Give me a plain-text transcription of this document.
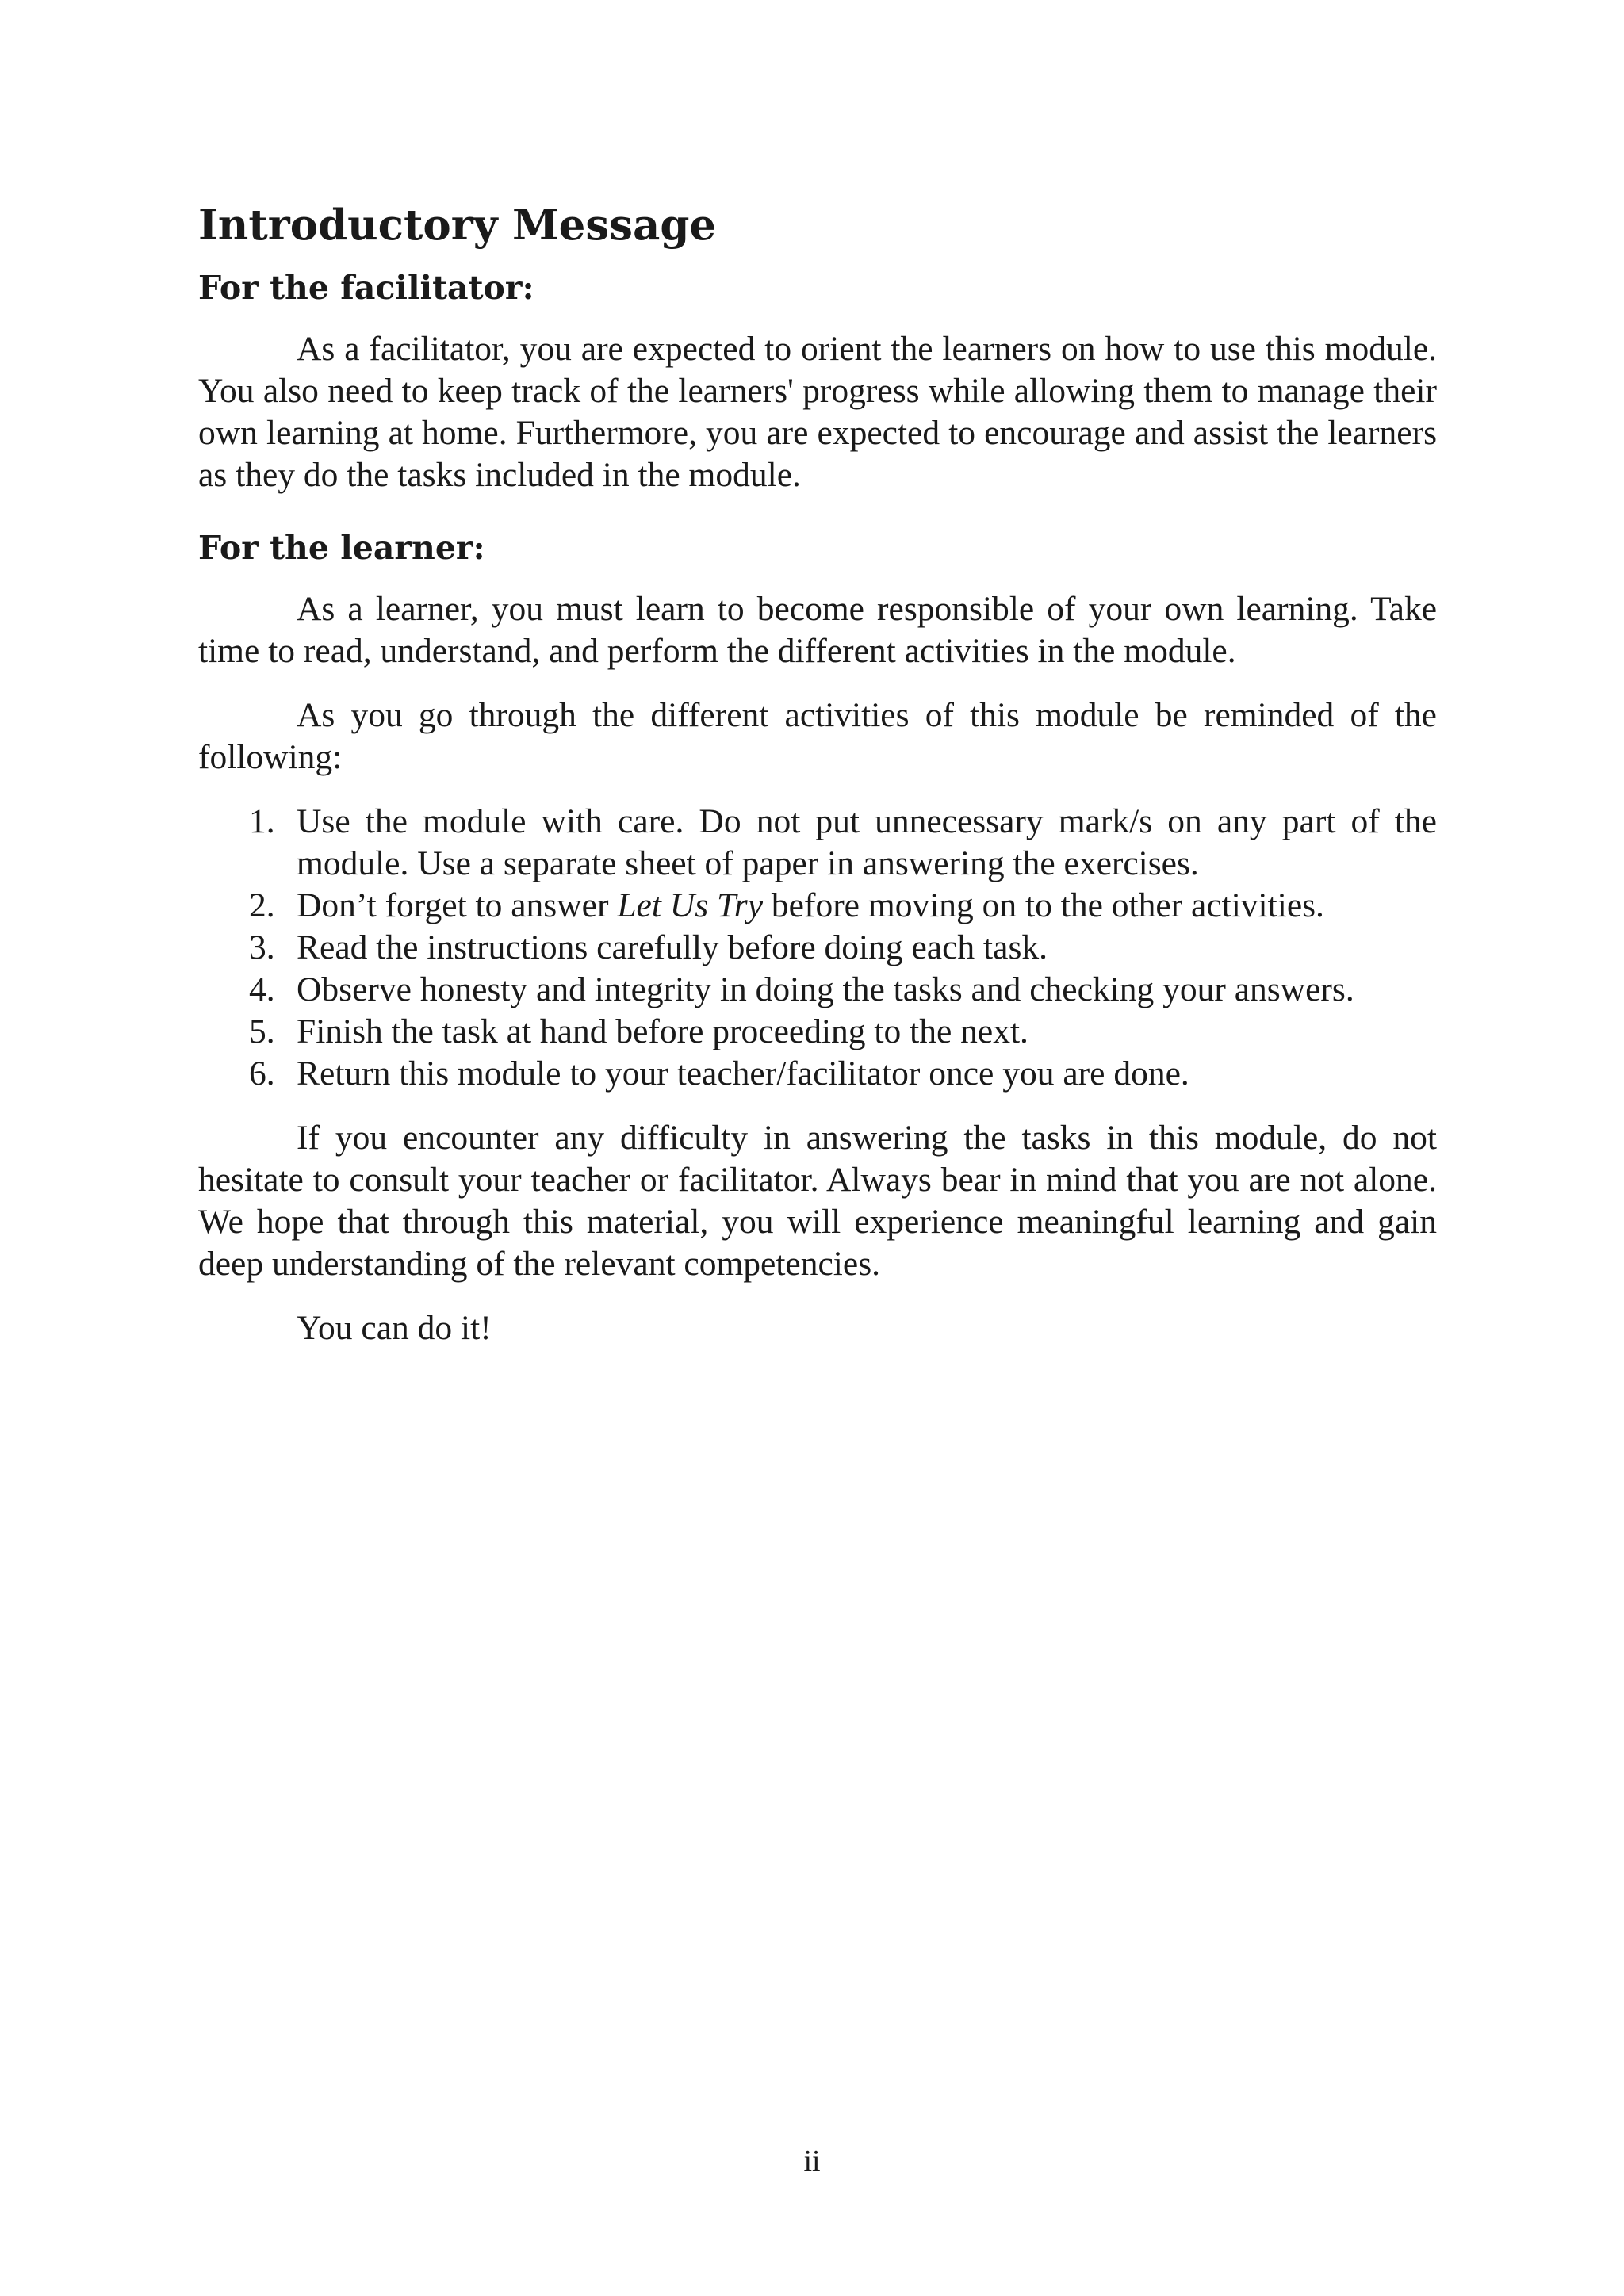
Introductory Message
For the facilitator:

As a facilitator, you are expected to orient the learners on how to use this module. You also need to keep track of the learners' progress while allowing them to manage their own learning at home. Furthermore, you are expected to encourage and assist the learners as they do the tasks included in the module.

For the learner:

As a learner, you must learn to become responsible of your own learning. Take time to read, understand, and perform the different activities in the module.

As you go through the different activities of this module be reminded of the following:

1. Use the module with care. Do not put unnecessary mark/s on any part of the module. Use a separate sheet of paper in answering the exercises.
2. Don’t forget to answer Let Us Try before moving on to the other activities.
3. Read the instructions carefully before doing each task.
4. Observe honesty and integrity in doing the tasks and checking your answers.
5. Finish the task at hand before proceeding to the next.
6. Return this module to your teacher/facilitator once you are done.

If you encounter any difficulty in answering the tasks in this module, do not hesitate to consult your teacher or facilitator. Always bear in mind that you are not alone. We hope that through this material, you will experience meaningful learning and gain deep understanding of the relevant competencies.

You can do it!

ii
